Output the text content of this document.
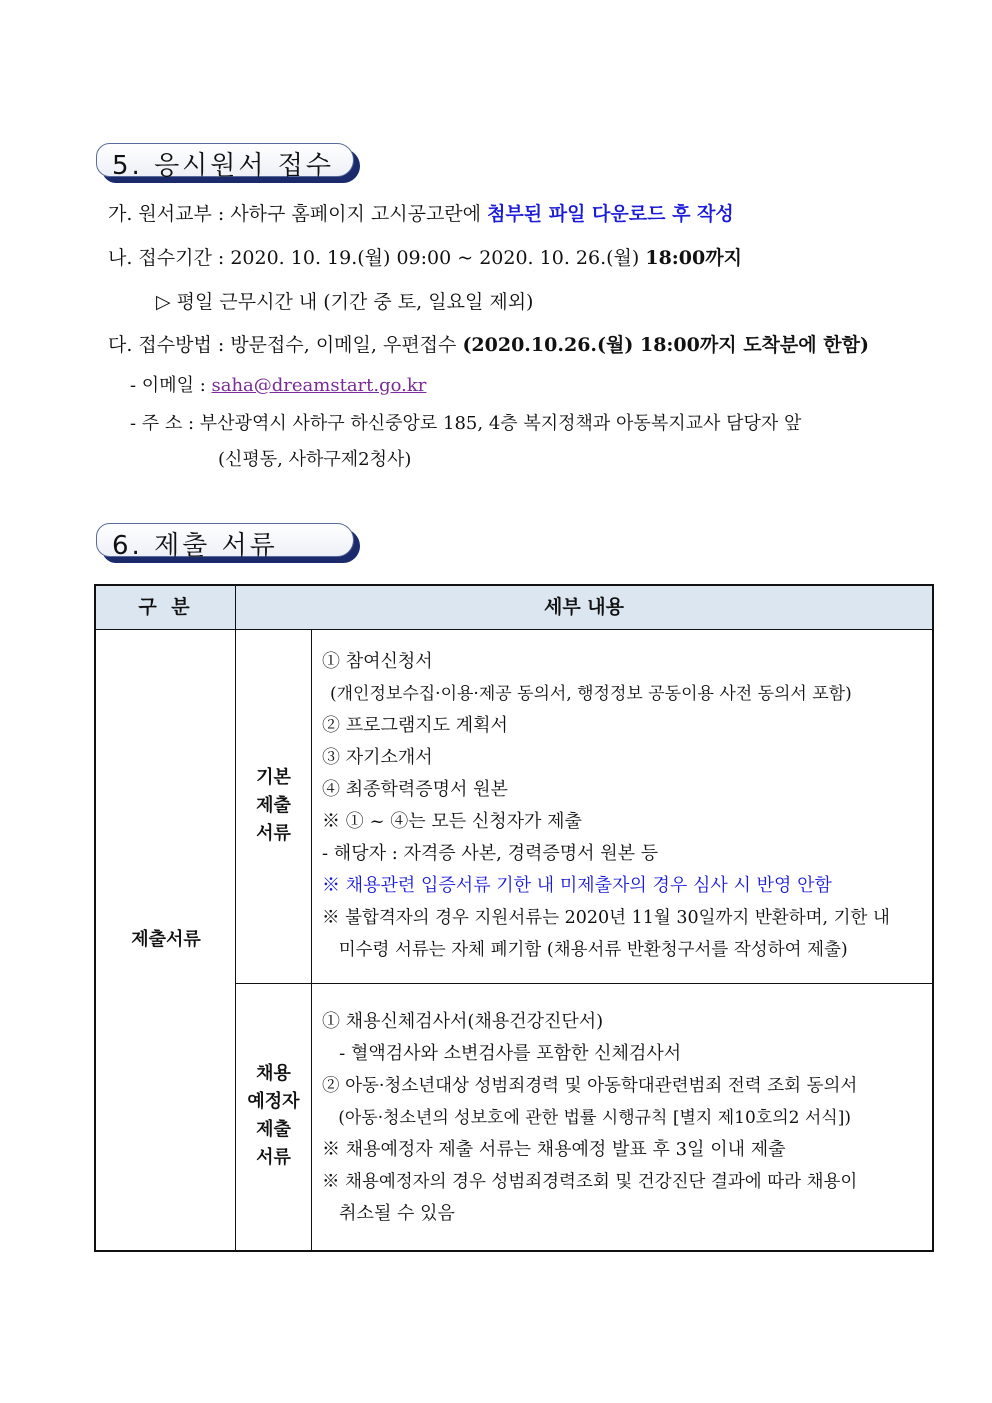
5. 응시원서 접수
가. 원서교부 : 사하구 홈페이지 고시공고란에 첨부된 파일 다운로드 후 작성
나. 접수기간 : 2020. 10. 19.(월) 09:00 ~ 2020. 10. 26.(월) 18:00까지
▷ 평일 근무시간 내 (기간 중 토, 일요일 제외)
다. 접수방법 : 방문접수, 이메일, 우편접수 (2020.10.26.(월) 18:00까지 도착분에 한함)
- 이메일 : saha@dreamstart.go.kr
- 주 소 : 부산광역시 사하구 하신중앙로 185, 4층 복지정책과 아동복지교사 담당자 앞
(신평동, 사하구제2청사)
6. 제출 서류
구 분	세부 내용
제출서류
기본
제출
서류
채용
예정자
제출
서류
① 참여신청서
(개인정보수집·이용·제공 동의서, 행정정보 공동이용 사전 동의서 포함)
② 프로그램지도 계획서
③ 자기소개서
④ 최종학력증명서 원본
※ ① ~ ④는 모든 신청자가 제출
- 해당자 : 자격증 사본, 경력증명서 원본 등
※ 채용관련 입증서류 기한 내 미제출자의 경우 심사 시 반영 안함
※ 불합격자의 경우 지원서류는 2020년 11월 30일까지 반환하며, 기한 내
미수령 서류는 자체 폐기함 (채용서류 반환청구서를 작성하여 제출)
① 채용신체검사서(채용건강진단서)
- 혈액검사와 소변검사를 포함한 신체검사서
② 아동·청소년대상 성범죄경력 및 아동학대관련범죄 전력 조회 동의서
(아동·청소년의 성보호에 관한 법률 시행규칙 [별지 제10호의2 서식])
※ 채용예정자 제출 서류는 채용예정 발표 후 3일 이내 제출
※ 채용예정자의 경우 성범죄경력조회 및 건강진단 결과에 따라 채용이
취소될 수 있음
